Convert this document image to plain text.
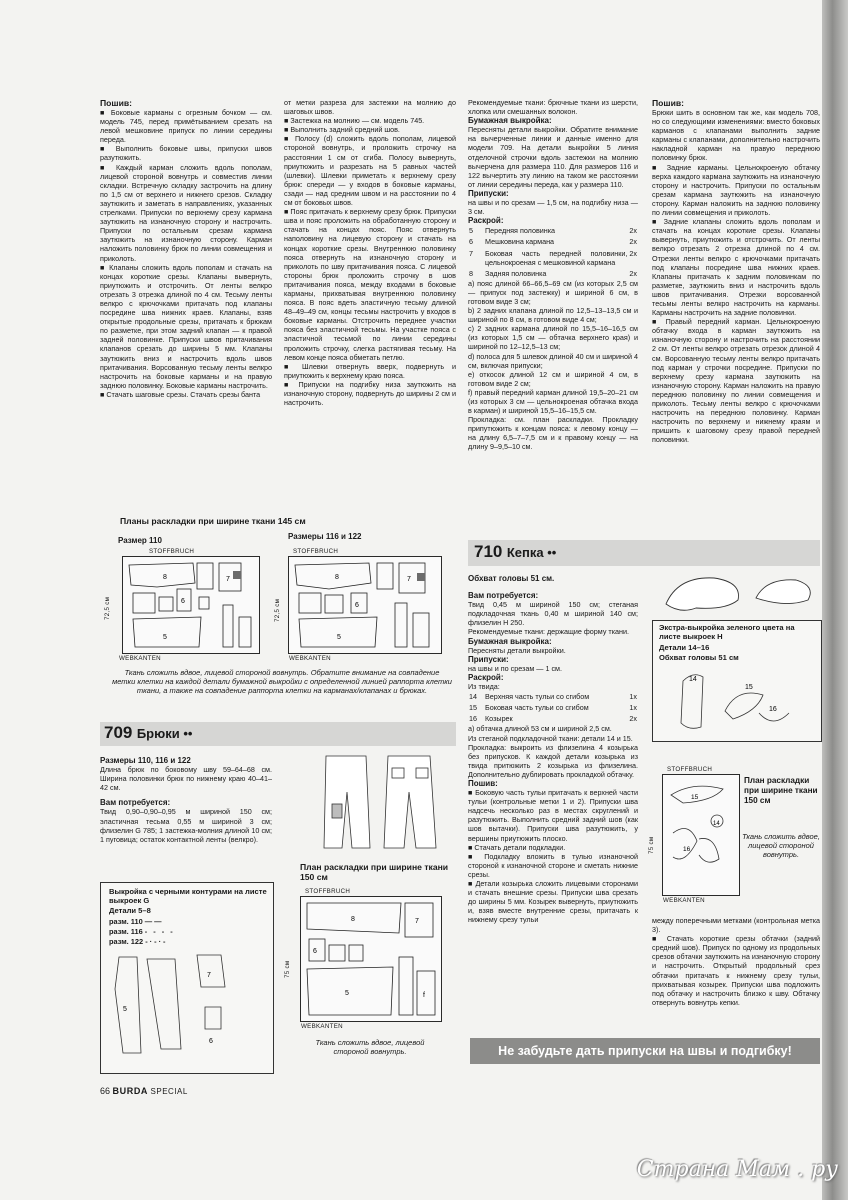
Пошив:

■ Боковые карманы с огрезным бочком — см. модель 745, перед примётыванием срезать на левой мешковине припуск по линии середины переда.

■ Выполнить боковые швы, припуски швов разутюжить.

■ Каждый карман сложить вдоль пополам, лицевой стороной вовнутрь и совместив линии складки. Встречную складку застрочить на длину по 1,5 см от верхнего и нижнего срезов. Складку заутюжить и заметать в направлениях, указанных стрелками. Припуски по верхнему срезу кармана заутюжить на изнаночную сторону и настрочить. Припуски по остальным срезам кармана заутюжить на изнаночную сторону. Карман наложить половинку брюк по линии совмещения и приколоть.

■ Клапаны сложить вдоль пополам и стачать на концах короткие срезы. Клапаны вывернуть, приутюжить и отстрочить. От ленты велкро отрезать 3 отрезка длиной по 4 см. Тесьму ленты велкро с крючочками притачать под клапаны посредине шва нижних краев. Клапаны, взяв открытые продольные срезы, притачать к брюкам по разметке, при этом задний клапан — к правой задней половинке. Припуски швов притачивания клапанов срезать до ширины 5 мм. Клапаны заутюжить вниз и настрочить вдоль швов притачивания. Ворсованную тесьму ленты велкро настрочить на боковые карманы и на правую заднюю половинку. Боковые карманы настрочить.

■ Стачать шаговые срезы. Стачать срезы банта

от метки разреза для застежки на молнию до шаговых швов.

■ Застежка на молнию — см. модель 745.

■ Выполнить задний средний шов.

■ Полосу (d) сложить вдоль пополам, лицевой стороной вовнутрь, и проложить строчку на расстоянии 1 см от сгиба. Полосу вывернуть, приутюжить и разрезать на 5 равных частей (шлевки). Шлевки приметать к верхнему срезу брюк: спереди — у входов в боковые карманы, сзади — над средним швом и на расстоянии по 4 см от боковых швов.

■ Пояс притачать к верхнему срезу брюк. Припуски шва и пояс проложить на обработанную сторону и стачать на концах пояс. Пояс отвернуть наполовину на лицевую сторону и стачать на концах короткие срезы. Внутреннюю половинку пояса отвернуть на изнаночную сторону и приколоть по шву притачивания пояса. С лицевой стороны брюк проложить строчку в шов притачивания пояса, между входами в боковые карманы, прихватывая внутреннюю половинку пояса. В пояс вдеть эластичную тесьму длиной 48–49–49 см, концы тесьмы настрочить у входов в боковые карманы. Отстрочить переднее участки пояса без эластичной тесьмы. На участке пояса с эластичной тесьмой по линии середины проложить строчку, слегка растягивая тесьму. На левом конце пояса обметать петлю.

■ Шлевки отвернуть вверх, подвернуть и приутюжить к верхнему краю пояса.

■ Припуски на подгибку низа заутюжить на изнаночную сторону, подвернуть до ширины 2 см и настрочить.

Рекомендуемые ткани: брючные ткани из шерсти, хлопка или смешанных волокон.

Бумажная выкройка:

Пересняты детали выкройки. Обратите внимание на вычерченные линии и данные именно для модели 709. На детали выкройки 5 линия отделочной строчки вдоль застежки на молнию вычерчена для размера 110. Для размеров 116 и 122 вычертить эту линию на таком же расстоянии от линии середины переда, как у размера 110.

Припуски:

на швы и по срезам — 1,5 см, на подгибку низа — 3 см.

Раскрой:

5	Передняя половинка	2x
6	Мешковина кармана	2x
7	Боковая часть передней половинки, цельнокроеная с мешковиной кармана	2x
8	Задняя половинка	2x

a) пояс длиной 66–66,5–69 см (из которых 2,5 см — припуск под застежку) и шириной 6 см, в готовом виде 3 см;

b) 2 задних клапана длиной по 12,5–13–13,5 см и шириной по 8 см, в готовом виде 4 см;

c) 2 задних кармана длиной по 15,5–16–16,5 см (из которых 1,5 см — обтачка верхнего края) и шириной по 12–12,5–13 см;

d) полоса для 5 шлевок длиной 40 см и шириной 4 см, включая припуски;

e) откосок длиной 12 см и шириной 4 см, в готовом виде 2 см;

f) правый передний карман длиной 19,5–20–21 см (из которых 3 см — цельнокроеная обтачка входа в карман) и шириной 15,5–16–15,5 см.

Прокладка: см. план раскладки. Прокладку припутюжить к концам пояса: к левому концу — на длину 6,5–7–7,5 см и к правому концу — на длину 9–9,5–10 см.

Пошив:

Брюки шить в основном так же, как модель 708, но со следующими изменениями: вместо боковых карманов с клапанами выполнить задние карманы с клапанами, дополнительно настрочить накладной карман на правую переднюю половинку брюк.

■ Задние карманы. Цельнокроеную обтачку верха каждого кармана заутюжить на изнаночную сторону и настрочить. Припуски по остальным срезам кармана заутюжить на изнаночную сторону. Карман наложить на заднюю половинку по линии совмещения и приколоть.

■ Задние клапаны сложить вдоль пополам и стачать на концах короткие срезы. Клапаны вывернуть, приутюжить и отстрочить. От ленты велкро отрезать 2 отрезка длиной по 4 см. Отрезки ленты велкро с крючочками притачать под клапаны посредине шва нижних краев. Клапаны притачать к задним половинкам по разметке, заутюжить вниз и настрочить вдоль швов притачивания. Отрезки ворсованной тесьмы ленты велкро настрочить на карманы. Карманы настрочить на задние половинки.

■ Правый передний карман. Цельнокроеную обтачку входа в карман заутюжить на изнаночную сторону и настрочить на расстоянии 2 см. От ленты велкро отрезать отрезок длиной 4 см. Ворсованную тесьму ленты велкро притачать под карман у строчки посредине. Припуски по верхнему срезу кармана заутюжить на изнаночную сторону. Карман наложить на правую переднюю половинку по линии совмещения и приколоть. Тесьму ленты велкро с крючочками настрочить на переднюю половинку. Карман настрочить по верхнему и нижнему краям и пришить к шаговому срезу правой передней половинки.

Планы раскладки при ширине ткани 145 см
Размер 110	Размеры 116 и 122
STOFFBRUCH
8	7
6
5
WEBKANTEN
72,5 см
STOFFBRUCH
8	7
6
5
WEBKANTEN
72,5 см
Ткань сложить вдвое, лицевой стороной вовнутрь. Обратите внимание на совпадение метки клетки на каждой детали бумажной выкройки с определенной линией раппорта клетки ткани, а также на совпадение раппорта клетки на карманах/клапанах и брюках.
709 Брюки ••

Размеры 110, 116 и 122

Длина брюк по боковому шву 59–64–68 см. Ширина половинки брюк по нижнему краю 40–41–42 см.

Вам потребуется:

Твид 0,90–0,90–0,95 м шириной 150 см; эластичная тесьма 0,55 м шириной 3 см; флизелин G 785; 1 застежка-молния длиной 10 см; 1 пуговица; остаток контактной ленты (велкро).

Выкройка с черными контурами на листе выкроек G
Детали 5–8
разм. 110 ——
разм. 116 - - - -
разм. 122 -·-·-
5
7
6
План раскладки при ширине ткани 150 см
STOFFBRUCH
8	7
6
5	f
WEBKANTEN
75 см
Ткань сложить вдвое, лицевой стороной вовнутрь.
710 Кепка ••

Обхват головы 51 см.

Вам потребуется:

Твид 0,45 м шириной 150 см; стеганая подкладочная ткань 0,40 м шириной 140 см; флизелин H 250.

Рекомендуемые ткани: держащие форму ткани.

Бумажная выкройка:

Пересняты детали выкройки.

Припуски:

на швы и по срезам — 1 см.

Раскрой:

Из твида:

14	Верхняя часть тульи со сгибом	1x
15	Боковая часть тульи со сгибом	1x
16	Козырек	2x

a) обтачка длиной 53 см и шириной 2,5 см.

Из стеганой подкладочной ткани: детали 14 и 15.

Прокладка: выкроить из флизелина 4 козырька без припусков. К каждой детали козырька из твида притюжить 2 козырька из флизелина. Дополнительно дублировать прокладкой обтачку.

Пошив:

■ Боковую часть тульи притачать к верхней части тульи (контрольные метки 1 и 2). Припуски шва надсечь несколько раз в местах скруглений и разутюжить. Выполнить средний задний шов (как шов вытачки). Припуски шва разутюжить, у вершины приутюжить плоско.

■ Стачать детали подкладки.

■ Подкладку вложить в тулью изнаночной стороной к изнаночной стороне и сметать нижние срезы.

■ Детали козырька сложить лицевыми сторонами и стачать внешние срезы. Припуски шва срезать до ширины 5 мм. Козырек вывернуть, приутюжить и, взяв вместе внутренние срезы, притачать к нижнему срезу тульи

Экстра-выкройка зеленого цвета на листе выкроек H
Детали 14–16
Обхват головы 51 см
14
15
16
STOFFBRUCH
15
14
16
WEBKANTEN
75 см
План раскладки при ширине ткани 150 см
Ткань сложить вдвое, лицевой стороной вовнутрь.

между поперечными метками (контрольная метка 3).
■ Стачать короткие срезы обтачки (задний средний шов). Припуск по одному из продольных срезов обтачки заутюжить на изнаночную сторону и настрочить. Открытый продольный срез обтачки притачать к нижнему срезу тульи, прихватывая козырек. Припуски шва подложить под обтачку и настрочить близко к шву. Обтачку отвернуть вовнутрь кепки.

Не забудьте дать припуски на швы и подгибку!
66 BURDA SPECIAL
Страна Мам . ру
